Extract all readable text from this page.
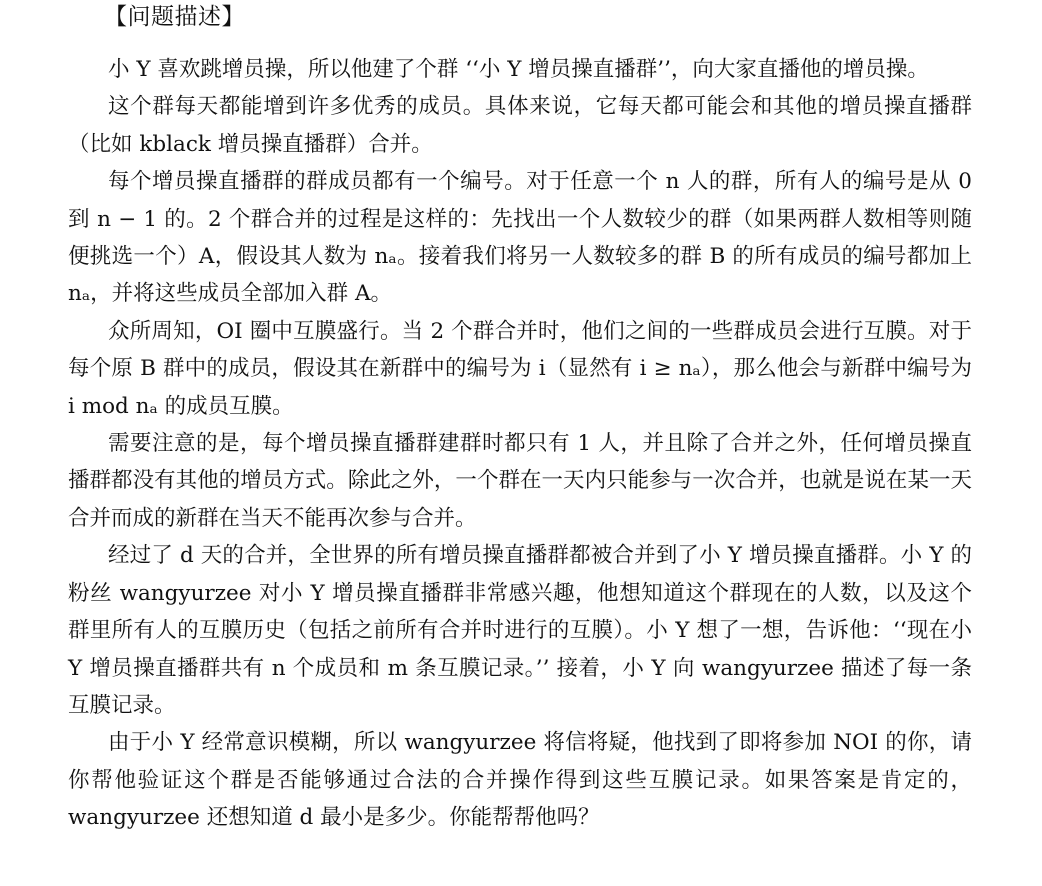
【问题描述】

小 Y 喜欢跳增员操，所以他建了个群 ‘‘小 Y 增员操直播群’’，向大家直播他的增员操。

这个群每天都能增到许多优秀的成员。具体来说，它每天都可能会和其他的增员操直播群（比如 kblack 增员操直播群）合并。

每个增员操直播群的群成员都有一个编号。对于任意一个 n 人的群，所有人的编号是从 0 到 n − 1 的。2 个群合并的过程是这样的：先找出一个人数较少的群（如果两群人数相等则随便挑选一个）A，假设其人数为 nₐ。接着我们将另一人数较多的群 B 的所有成员的编号都加上 nₐ，并将这些成员全部加入群 A。

众所周知，OI 圈中互膜盛行。当 2 个群合并时，他们之间的一些群成员会进行互膜。对于每个原 B 群中的成员，假设其在新群中的编号为 i（显然有 i ≥ nₐ），那么他会与新群中编号为 i mod nₐ 的成员互膜。

需要注意的是，每个增员操直播群建群时都只有 1 人，并且除了合并之外，任何增员操直播群都没有其他的增员方式。除此之外，一个群在一天内只能参与一次合并，也就是说在某一天合并而成的新群在当天不能再次参与合并。

经过了 d 天的合并，全世界的所有增员操直播群都被合并到了小 Y 增员操直播群。小 Y 的粉丝 wangyurzee 对小 Y 增员操直播群非常感兴趣，他想知道这个群现在的人数，以及这个群里所有人的互膜历史（包括之前所有合并时进行的互膜）。小 Y 想了一想，告诉他：‘‘现在小 Y 增员操直播群共有 n 个成员和 m 条互膜记录。’’ 接着，小 Y 向 wangyurzee 描述了每一条互膜记录。

由于小 Y 经常意识模糊，所以 wangyurzee 将信将疑，他找到了即将参加 NOI 的你，请你帮他验证这个群是否能够通过合法的合并操作得到这些互膜记录。如果答案是肯定的，wangyurzee 还想知道 d 最小是多少。你能帮帮他吗？
